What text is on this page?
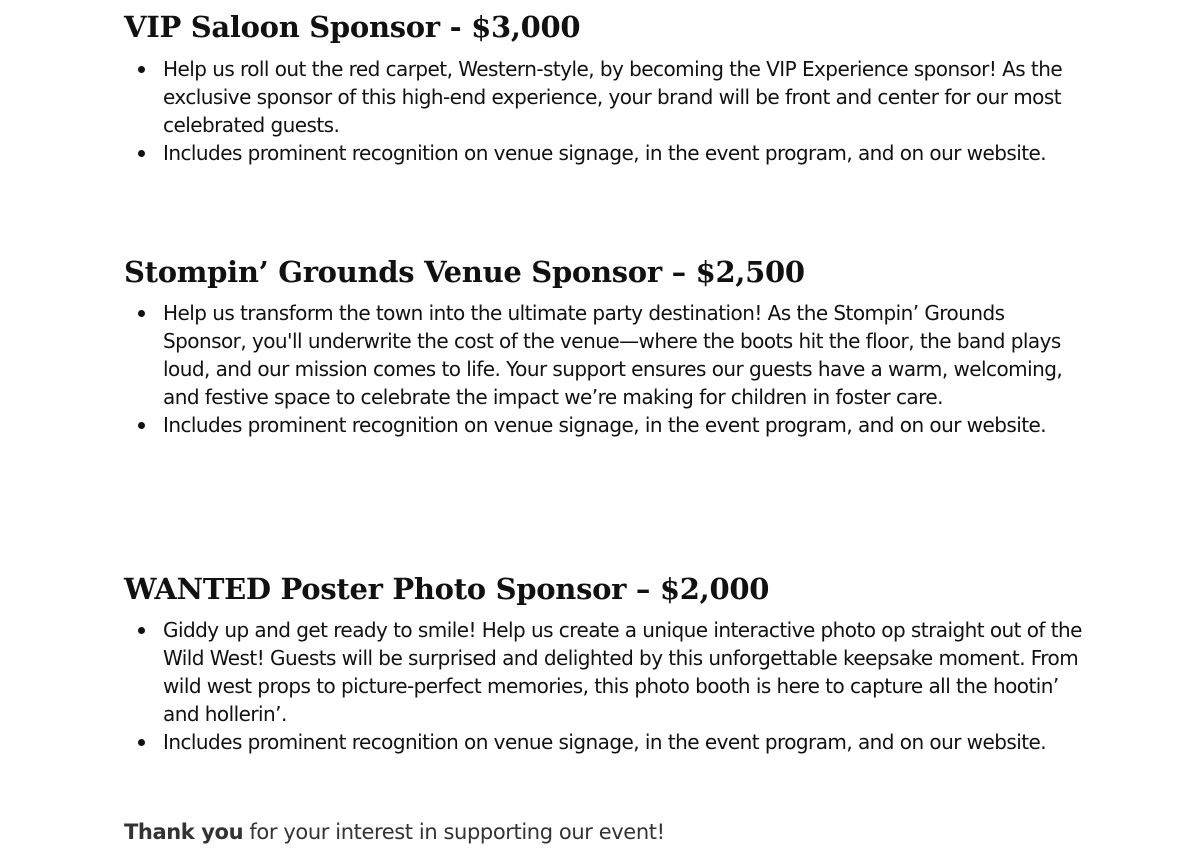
VIP Saloon Sponsor - $3,000
Help us roll out the red carpet, Western-style, by becoming the VIP Experience sponsor! As the exclusive sponsor of this high-end experience, your brand will be front and center for our most celebrated guests.
Includes prominent recognition on venue signage, in the event program, and on our website.
Stompin’ Grounds Venue Sponsor – $2,500
Help us transform the town into the ultimate party destination! As the Stompin’ Grounds Sponsor, you'll underwrite the cost of the venue—where the boots hit the floor, the band plays loud, and our mission comes to life. Your support ensures our guests have a warm, welcoming, and festive space to celebrate the impact we’re making for children in foster care.
Includes prominent recognition on venue signage, in the event program, and on our website.
WANTED Poster Photo Sponsor – $2,000
Giddy up and get ready to smile! Help us create a unique interactive photo op straight out of the Wild West! Guests will be surprised and delighted by this unforgettable keepsake moment. From wild west props to picture-perfect memories, this photo booth is here to capture all the hootin’ and hollerin’.
Includes prominent recognition on venue signage, in the event program, and on our website.
Thank you for your interest in supporting our event!
